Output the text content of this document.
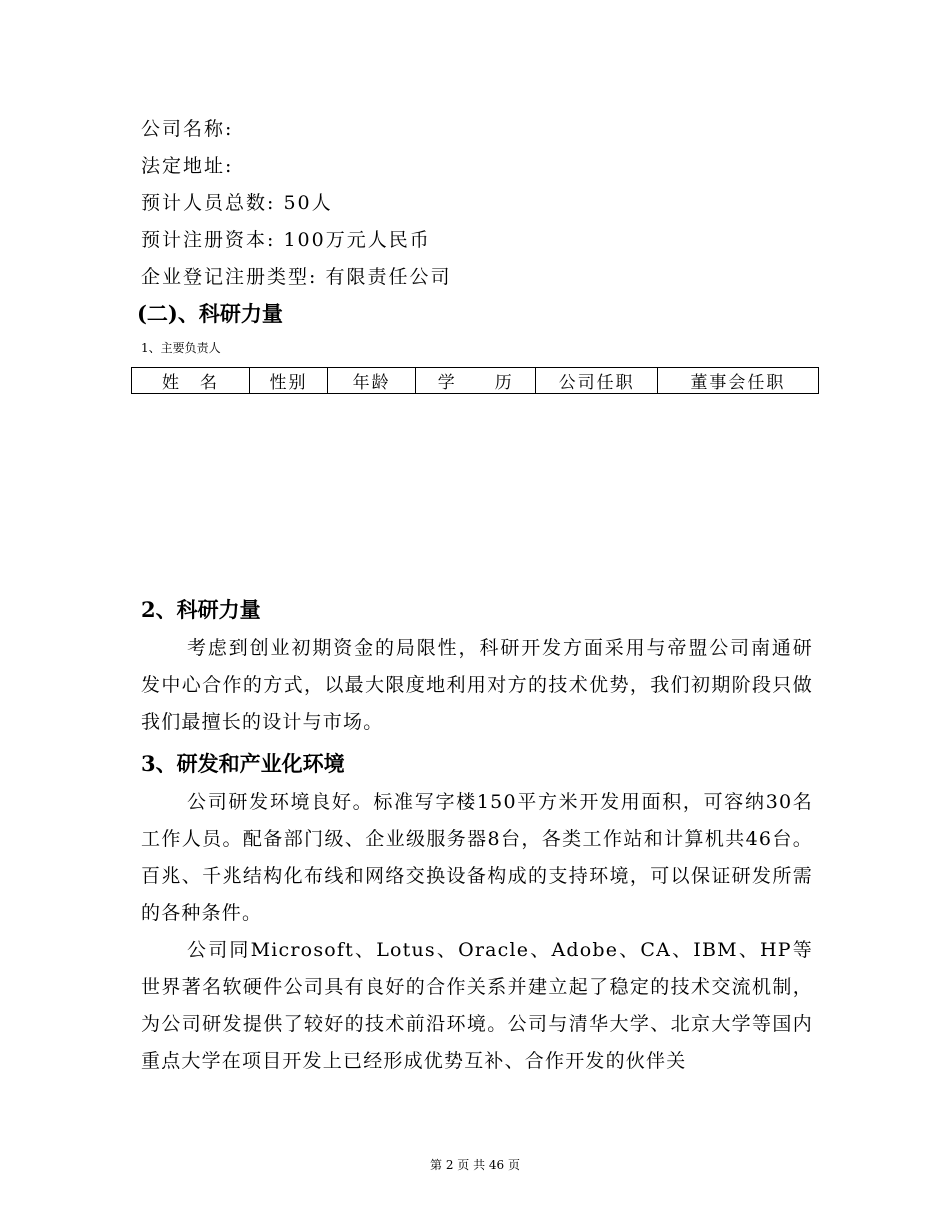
公司名称:
法定地址:
预计人员总数: 50人
预计注册资本: 100万元人民币
企业登记注册类型: 有限责任公司
(二)、科研力量
1、主要负责人
姓　名	性别	年龄	学　　历	公司任职	董事会任职
2、科研力量

考虑到创业初期资金的局限性，科研开发方面采用与帝盟公司南通研发中心合作的方式，以最大限度地利用对方的技术优势，我们初期阶段只做我们最擅长的设计与市场。

3、研发和产业化环境

公司研发环境良好。标准写字楼150平方米开发用面积，可容纳30名工作人员。配备部门级、企业级服务器8台，各类工作站和计算机共46台。百兆、千兆结构化布线和网络交换设备构成的支持环境，可以保证研发所需的各种条件。

公司同Microsoft、Lotus、Oracle、Adobe、CA、IBM、HP等世界著名软硬件公司具有良好的合作关系并建立起了稳定的技术交流机制，为公司研发提供了较好的技术前沿环境。公司与清华大学、北京大学等国内重点大学在项目开发上已经形成优势互补、合作开发的伙伴关

第 2 页 共 46 页
